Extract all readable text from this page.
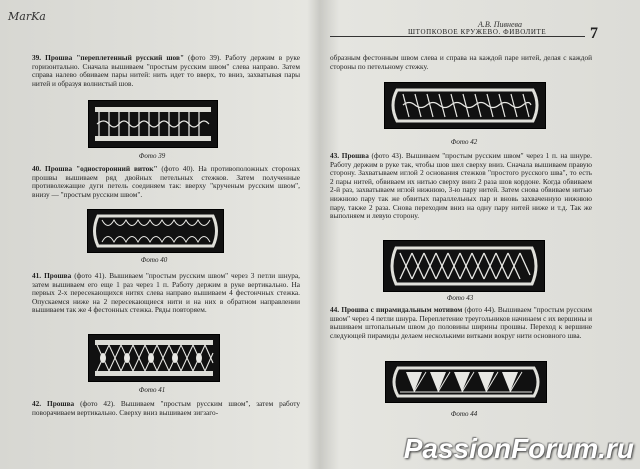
MarKa
А.В. Пивнева
ШТОПКОВОЕ КРУЖЕВО. ФИВОЛИТЕ	7

39. Прошва "переплетенный русский шов" (фото 39). Работу держим в руке горизонтально. Сначала вышиваем "простым русским швом" слева направо. Затем справа налево обвиваем пары нитей: нить идет то вверх, то вниз, захватывая пары нитей и образуя волнистый шов.

Фото 39

40. Прошва "односторонний виток" (фото 40). На противоположных сторонах прошвы вышиваем ряд двойных петельных стежков. Затем полученные противолежащие дуги петель соединяем так: вверху "крученым русским швом", внизу — "простым русским швом".

Фото 40

41. Прошва (фото 41). Вышиваем "простым русским швом" через 3 петли шнура, затем вышиваем его еще 1 раз через 1 п. Работу держим в руке вертикально. На первых 2-х пересекающихся нитях слева направо вышиваем 4 фестончных стежка. Опускаемся ниже на 2 пересекающиеся нити и на них в обратном направлении вышиваем так же 4 фестонных стежка. Ряды повторяем.

Фото 41

42. Прошва (фото 42). Вышиваем "простым русским швом", затем работу поворачиваем вертикально. Сверху вниз вышиваем зигзаго-

образным фестонным швом слева и справа на каждой паре нитей, делая с каждой стороны по петельному стежку.

Фото 42

43. Прошва (фото 43). Вышиваем "простым русским швом" через 1 п. на шнуре. Работу держим в руке так, чтобы шов шел сверху вниз. Сначала вышиваем правую сторону. Захватываем иглой 2 основания стежков "простого русского шва", то есть 2 пары нитей, обвиваем их нитью сверху вниз 2 раза шов кордоне. Когда обвиваем 2-й раз, захватываем иглой нижнюю, 3-ю пару нитей. Затем снова обвиваем нитью нижнюю пару так же обвитых параллельных пар и вновь захваченную нижнюю пару, также 2 раза. Снова переходим вниз на одну пару нитей ниже и т.д. Так же выполняем и левую сторону.

Фото 43

44. Прошва с пирамидальным мотивом (фото 44). Вышиваем "простым русским швом" через 4 петли шнура. Переплетение треугольников начинаем с их вершины и вышиваем штопальным швом до половины ширины прошвы. Переход к вершине следующей пирамиды делаем несколькими витками вокруг нити основного шва.

Фото 44
PassionForum.ru
